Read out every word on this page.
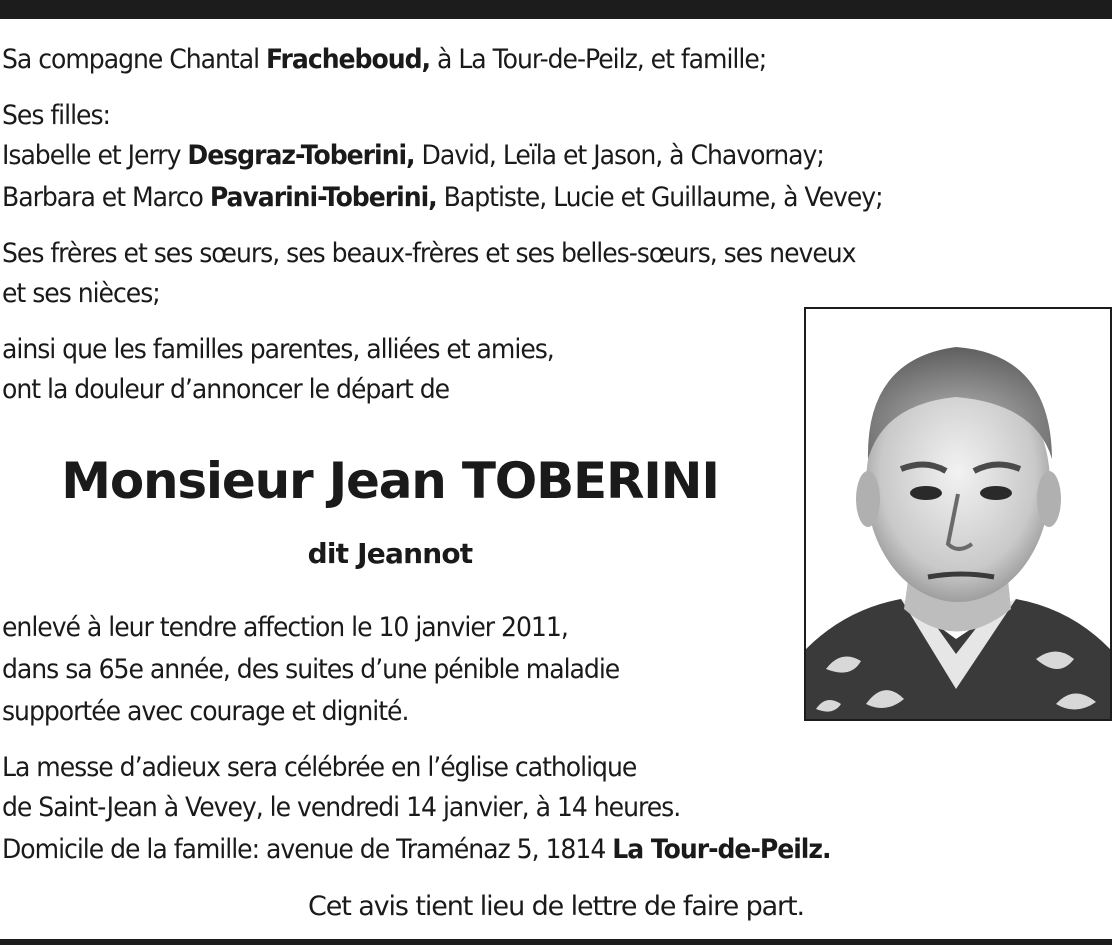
Sa compagne Chantal Fracheboud, à La Tour-de-Peilz, et famille;
Ses filles:
Isabelle et Jerry Desgraz-Toberini, David, Leïla et Jason, à Chavornay;
Barbara et Marco Pavarini-Toberini, Baptiste, Lucie et Guillaume, à Vevey;
Ses frères et ses sœurs, ses beaux-frères et ses belles-sœurs, ses neveux
et ses nièces;
ainsi que les familles parentes, alliées et amies,
ont la douleur d’annoncer le départ de
Monsieur Jean TOBERINI
dit Jeannot
enlevé à leur tendre affection le 10 janvier 2011,
dans sa 65e année, des suites d’une pénible maladie
supportée avec courage et dignité.
La messe d’adieux sera célébrée en l’église catholique
de Saint-Jean à Vevey, le vendredi 14 janvier, à 14 heures.
Domicile de la famille: avenue de Traménaz 5, 1814 La Tour-de-Peilz.
Cet avis tient lieu de lettre de faire part.
